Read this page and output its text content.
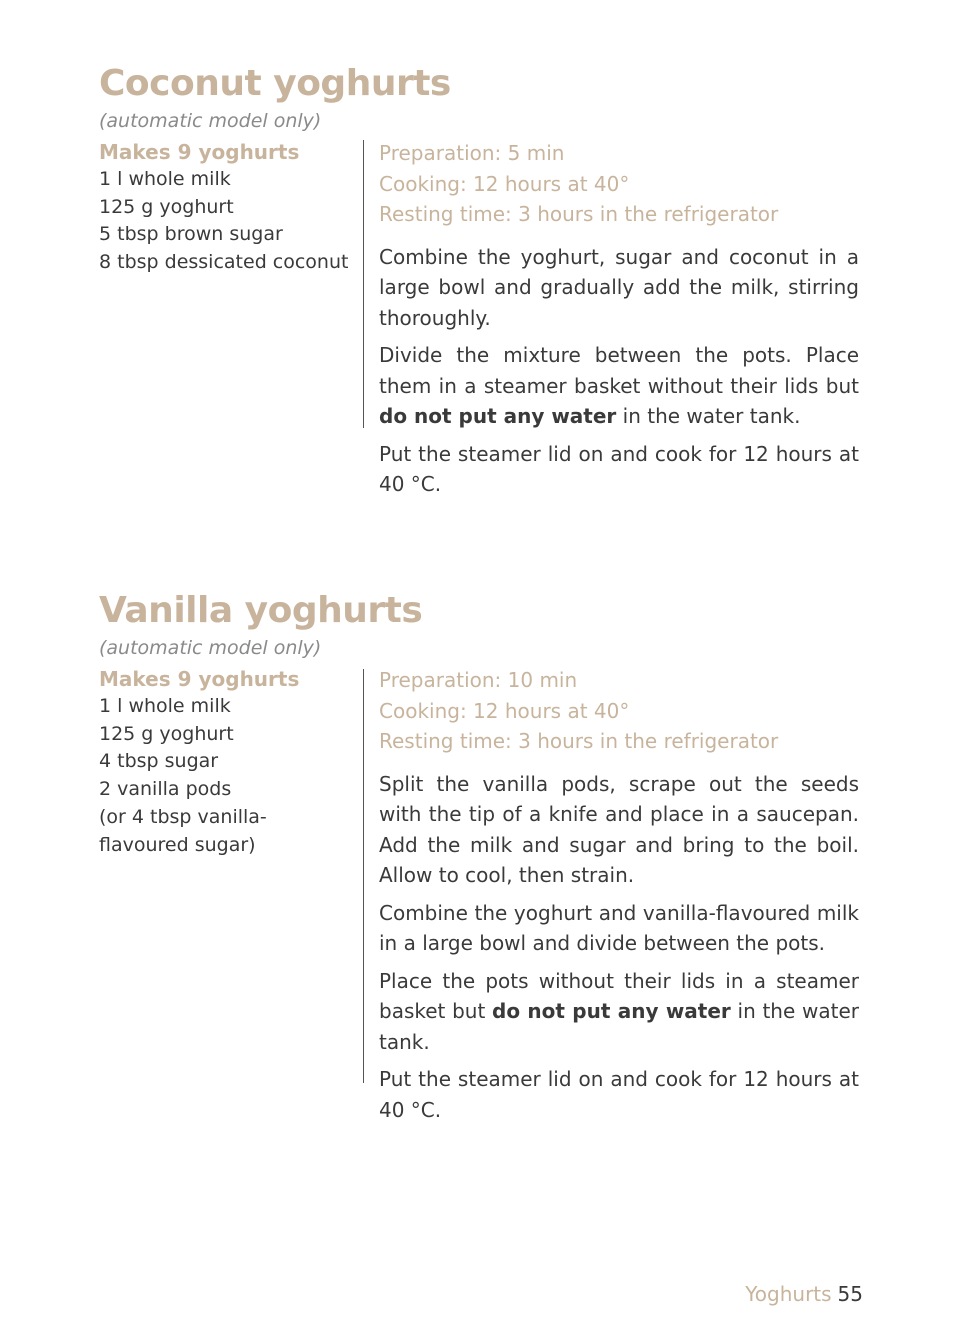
Coconut yoghurts
(automatic model only)
Makes 9 yoghurts
1 l whole milk
125 g yoghurt
5 tbsp brown sugar
8 tbsp dessicated coconut
Preparation: 5 min
Cooking: 12 hours at 40°
Resting time: 3 hours in the refrigerator

Combine the yoghurt, sugar and coconut in a large bowl and gradually add the milk, stirring thoroughly.

Divide the mixture between the pots. Place them in a steamer basket without their lids but do not put any water in the water tank.

Put the steamer lid on and cook for 12 hours at 40 °C.

Vanilla yoghurts
(automatic model only)
Makes 9 yoghurts
1 l whole milk
125 g yoghurt
4 tbsp sugar
2 vanilla pods
(or 4 tbsp vanilla-flavoured sugar)
Preparation: 10 min
Cooking: 12 hours at 40°
Resting time: 3 hours in the refrigerator

Split the vanilla pods, scrape out the seeds with the tip of a knife and place in a saucepan. Add the milk and sugar and bring to the boil. Allow to cool, then strain.

Combine the yoghurt and vanilla-flavoured milk in a large bowl and divide between the pots.

Place the pots without their lids in a steamer basket but do not put any water in the water tank.

Put the steamer lid on and cook for 12 hours at 40 °C.

Yoghurts 55
